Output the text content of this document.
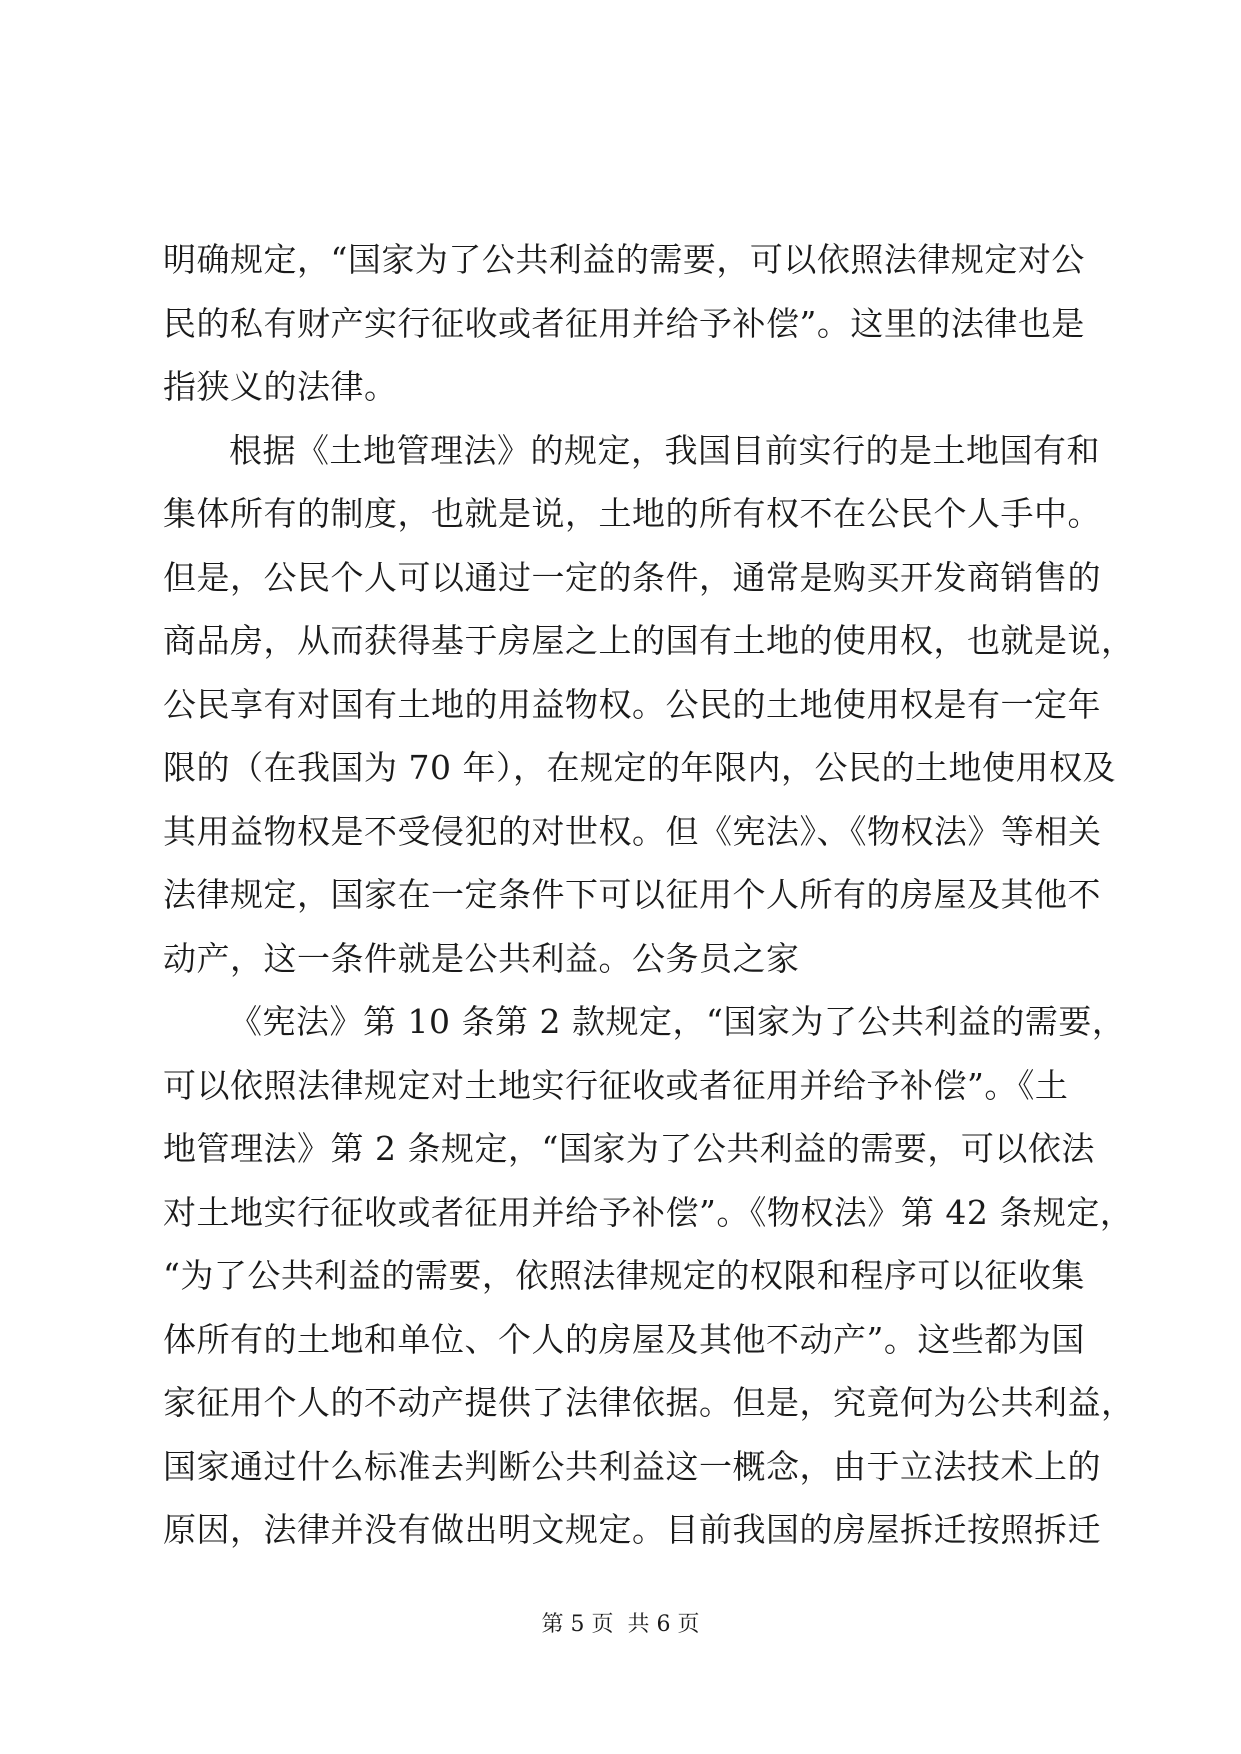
明确规定，“国家为了公共利益的需要，可以依照法律规定对公
民的私有财产实行征收或者征用并给予补偿”。这里的法律也是
指狭义的法律。
根据《土地管理法》的规定，我国目前实行的是土地国有和
集体所有的制度，也就是说，土地的所有权不在公民个人手中。
但是，公民个人可以通过一定的条件，通常是购买开发商销售的
商品房，从而获得基于房屋之上的国有土地的使用权，也就是说，
公民享有对国有土地的用益物权。公民的土地使用权是有一定年
限的（在我国为 70 年），在规定的年限内，公民的土地使用权及
其用益物权是不受侵犯的对世权。但《宪法》、《物权法》等相关
法律规定，国家在一定条件下可以征用个人所有的房屋及其他不
动产，这一条件就是公共利益。公务员之家
《宪法》第 10 条第 2 款规定，“国家为了公共利益的需要，
可以依照法律规定对土地实行征收或者征用并给予补偿”。《土
地管理法》第 2 条规定，“国家为了公共利益的需要，可以依法
对土地实行征收或者征用并给予补偿”。《物权法》第 42 条规定，
“为了公共利益的需要，依照法律规定的权限和程序可以征收集
体所有的土地和单位、个人的房屋及其他不动产”。这些都为国
家征用个人的不动产提供了法律依据。但是，究竟何为公共利益，
国家通过什么标准去判断公共利益这一概念，由于立法技术上的
原因，法律并没有做出明文规定。目前我国的房屋拆迁按照拆迁
第 5 页 共 6 页
